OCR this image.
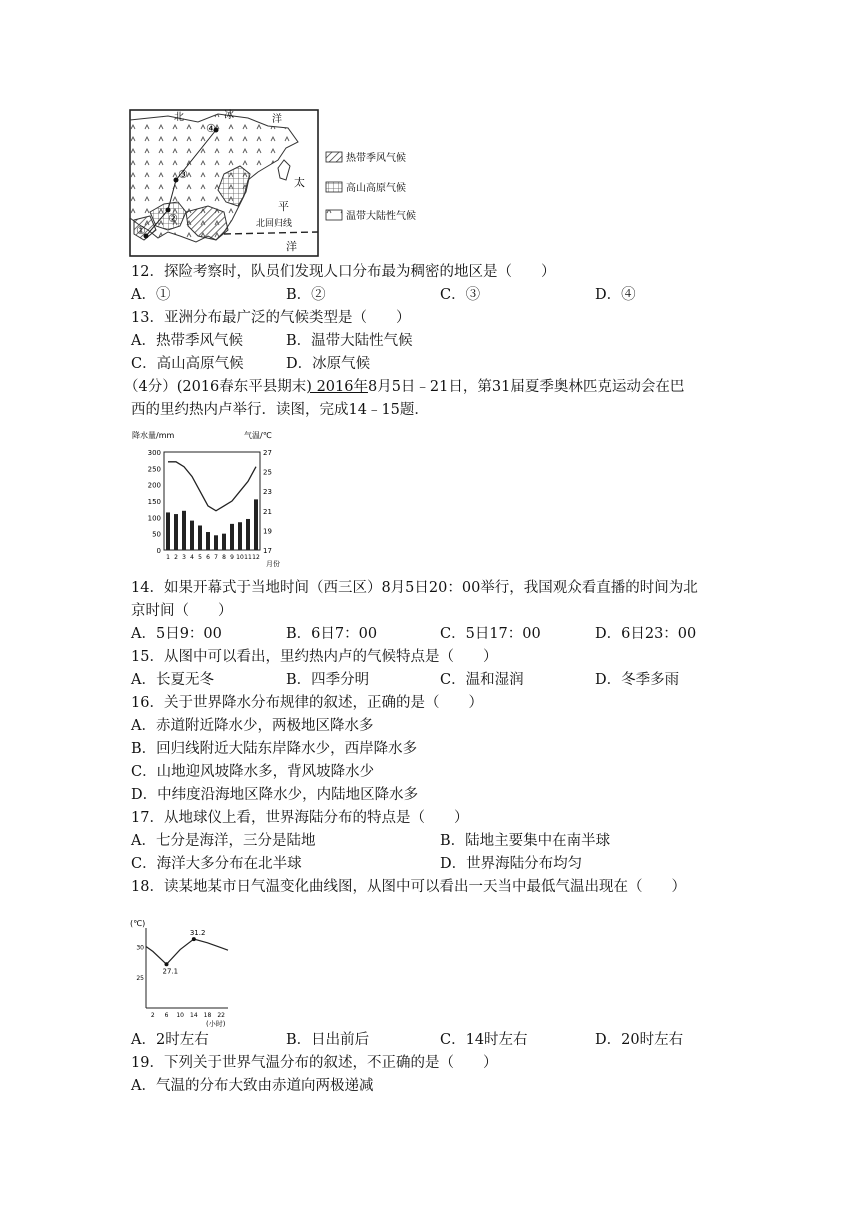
①
②
③
④
北	冰	洋
太
平
洋
北回归线
热带季风气候
高山高原气候
温带大陆性气候
12．探险考察时，队员们发现人口分布最为稠密的地区是（　　）
A．①	B．②	C．③	D．④
13．亚洲分布最广泛的气候类型是（　　）
A．热带季风气候	B．温带大陆性气候
C．高山高原气候	D．冰原气候
（4分）(2016春东平县期末) 2016年8月5日﹣21日，第31届夏季奥林匹克运动会在巴
西的里约热内卢举行．读图，完成14﹣15题．
降水量/mm	气温/℃
月份
0
50
100
150
200
250
300
17
19
21
23
25
27
1 2 3 4 5 6 7 8 9 10 11 12
14．如果开幕式于当地时间（西三区）8月5日20：00举行，我国观众看直播的时间为北
京时间（　　）
A．5日9：00	B．6日7：00	C．5日17：00	D．6日23：00
15．从图中可以看出，里约热内卢的气候特点是（　　）
A．长夏无冬	B．四季分明	C．温和湿润	D．冬季多雨
16．关于世界降水分布规律的叙述，正确的是（　　）
A．赤道附近降水少，两极地区降水多
B．回归线附近大陆东岸降水少，西岸降水多
C．山地迎风坡降水多，背风坡降水少
D．中纬度沿海地区降水少，内陆地区降水多
17．从地球仪上看，世界海陆分布的特点是（　　）
A．七分是海洋，三分是陆地	B．陆地主要集中在南半球
C．海洋大多分布在北半球	D．世界海陆分布均匀
18．读某地某市日气温变化曲线图，从图中可以看出一天当中最低气温出现在（　　）
(℃)
(小时)
2 6 10 14 18 22
30
25
31.2
27.1
A．2时左右	B．日出前后	C．14时左右	D．20时左右
19．下列关于世界气温分布的叙述，不正确的是（　　）
A．气温的分布大致由赤道向两极递减
